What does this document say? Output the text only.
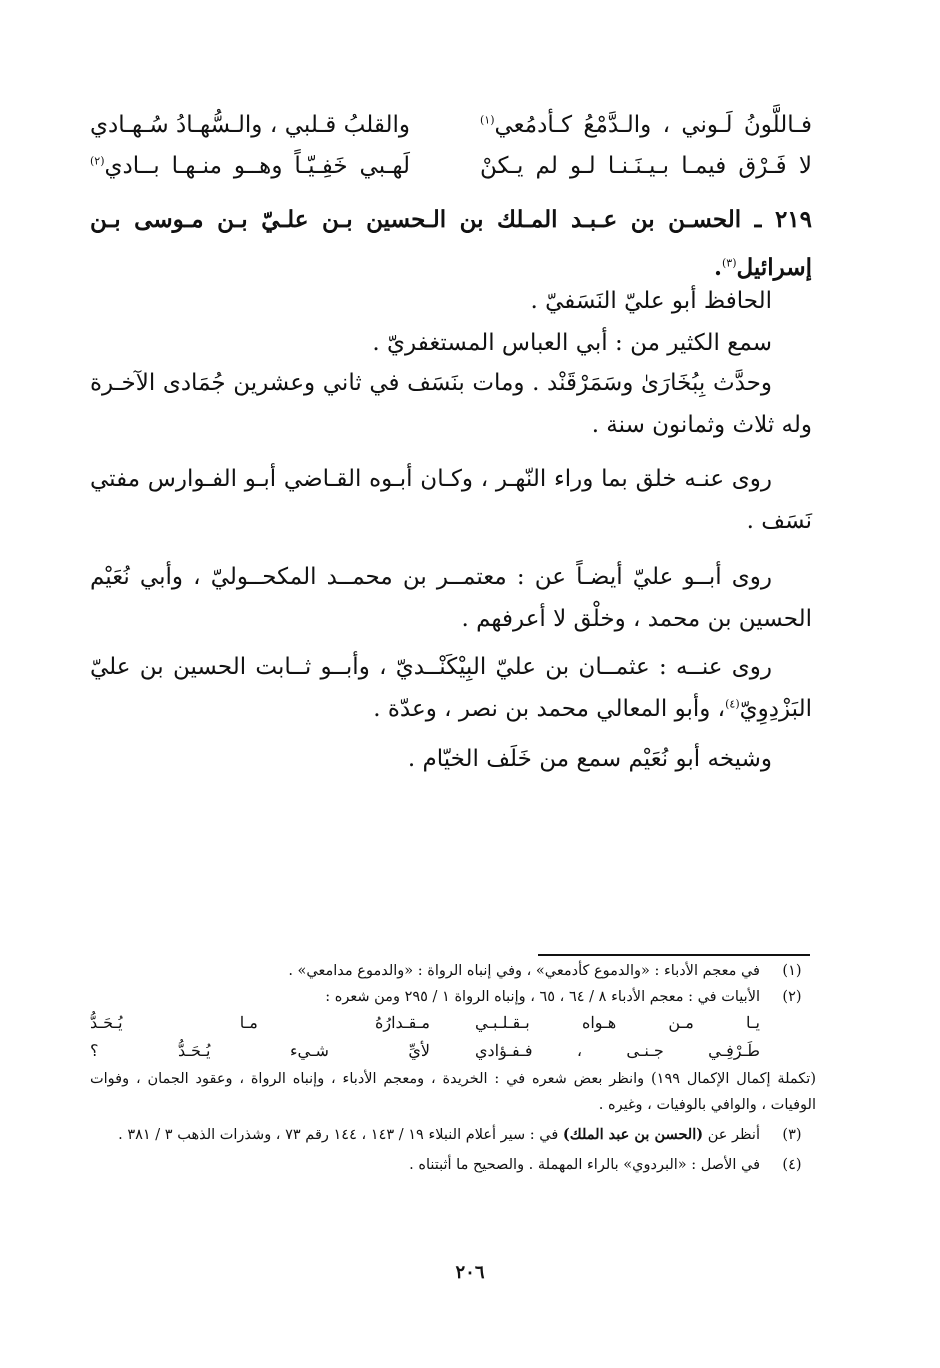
فـاللَّونُ لَـوني ، والـدَّمْعُ كـأدمُعي$^{(١)}$
والقلبُ قـلبي ، والـسُّهـادُ سُـهـادي
لا فَـرْق فيمـا بـيـنَـنـا لـو لم يـكنْ
لَهـبي خَفِـيّـاً وهــو منـهـا بــادي$^{(٢)}$
٢١٩ ـ الحسـن بن عـبـد المـلك بن الـحسين بـن علـيّ بـن مـوسى بـن
إسرائيل$^{(٣)}$.
الحافظ أبو عليّ النَسَفيّ .
سمع الكثير من : أبي العباس المستغفريّ .
وحدَّث بِبُخَارَىٰ وسَمَرْقَنْد . ومات بنَسَف في ثاني وعشرين جُمَادى الآخـرة
وله ثلاث وثمانون سنة .
روى عنـه خلق بما وراء النّهـر ، وكـان أبـوه القـاضي أبـو الفـوارس مفتي
نَسَف .
روى أبــو عليّ أيضـاً عن : معتمــر بن محمــد المكحــوليّ ، وأبي نُعَيْم
الحسين بن محمد ، وخلْق لا أعرفهم .
روى عنــه : عثمــان بن عليّ البِيْكَنْــديّ ، وأبــو ثــابت الحسين بن عليّ
البَزْدِوِيّ$^{(٤)}$، وأبو المعالي محمد بن نصر ، وعدّة .
وشيخه أبو نُعَيْم سمع من خَلَف الخيّام .
(١)
في معجم الأدباء : «والدموع كأدمعي» ، وفي إنباه الرواة : «والدموع مدامعي» .
(٢)
الأبيات في : معجم الأدباء ٨ / ٦٤ ، ٦٥ ، وإنباه الرواة ١ / ٢٩٥ ومن شعره :
يـا مـن هـواه بـقـلـبـي
مـقـدارُهُ مـا يُـحَـدُّ
طَـرْفِـي جـنـى ، فـفـؤادي
لأيِّ شـيء يُـحَـدُّ ؟
(تكملة إكمال الإكمال ١٩٩) وانظر بعض شعره في : الخريدة ، ومعجم الأدباء ، وإنباه الرواة ، وعقود الجمان ، وفوات الوفيات ، والوافي بالوفيات ، وغيره .
(٣)
أنظر عن (الحسن بن عبد الملك) في : سير أعلام النبلاء ١٩ / ١٤٣ ، ١٤٤ رقم ٧٣ ، وشذرات الذهب ٣ / ٣٨١ .
(٤)
في الأصل : «البردوي» بالراء المهملة . والصحيح ما أثبتناه .
٢٠٦
